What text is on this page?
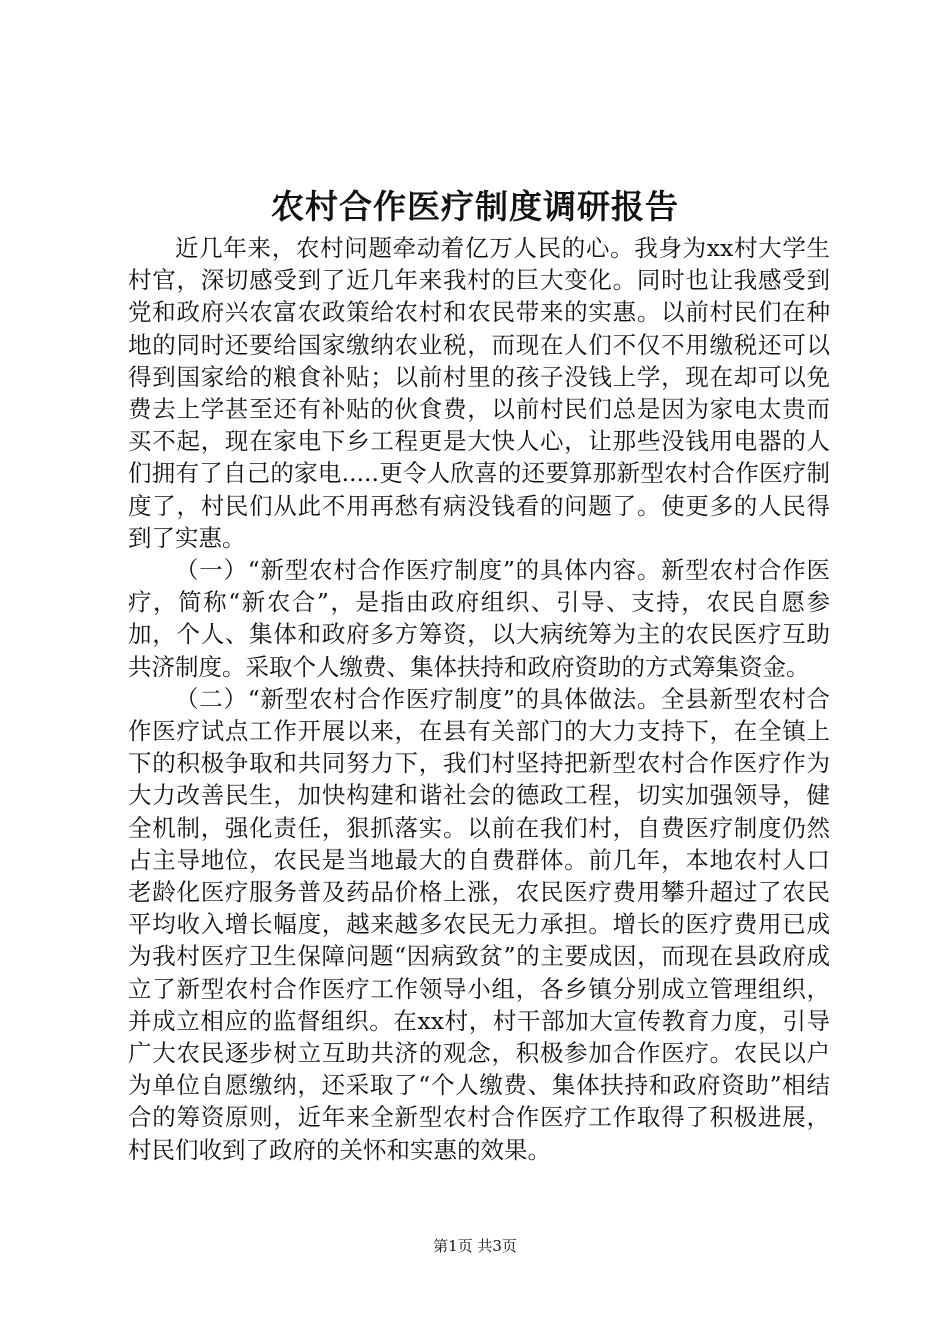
农村合作医疗制度调研报告

近几年来，农村问题牵动着亿万人民的心。我身为xx村大学生村官，深切感受到了近几年来我村的巨大变化。同时也让我感受到党和政府兴农富农政策给农村和农民带来的实惠。以前村民们在种地的同时还要给国家缴纳农业税，而现在人们不仅不用缴税还可以得到国家给的粮食补贴；以前村里的孩子没钱上学，现在却可以免费去上学甚至还有补贴的伙食费，以前村民们总是因为家电太贵而买不起，现在家电下乡工程更是大快人心，让那些没钱用电器的人们拥有了自己的家电.....更令人欣喜的还要算那新型农村合作医疗制度了，村民们从此不用再愁有病没钱看的问题了。使更多的人民得到了实惠。

（一）“新型农村合作医疗制度”的具体内容。新型农村合作医疗，简称“新农合”，是指由政府组织、引导、支持，农民自愿参加，个人、集体和政府多方筹资，以大病统筹为主的农民医疗互助共济制度。采取个人缴费、集体扶持和政府资助的方式筹集资金。

（二）“新型农村合作医疗制度”的具体做法。全县新型农村合作医疗试点工作开展以来，在县有关部门的大力支持下，在全镇上下的积极争取和共同努力下，我们村坚持把新型农村合作医疗作为大力改善民生，加快构建和谐社会的德政工程，切实加强领导，健全机制，强化责任，狠抓落实。以前在我们村，自费医疗制度仍然占主导地位，农民是当地最大的自费群体。前几年，本地农村人口老龄化医疗服务普及药品价格上涨，农民医疗费用攀升超过了农民平均收入增长幅度，越来越多农民无力承担。增长的医疗费用已成为我村医疗卫生保障问题“因病致贫”的主要成因，而现在县政府成立了新型农村合作医疗工作领导小组，各乡镇分别成立管理组织，并成立相应的监督组织。在xx村，村干部加大宣传教育力度，引导广大农民逐步树立互助共济的观念，积极参加合作医疗。农民以户为单位自愿缴纳，还采取了“个人缴费、集体扶持和政府资助”相结合的筹资原则，近年来全新型农村合作医疗工作取得了积极进展，村民们收到了政府的关怀和实惠的效果。

第1页 共3页
